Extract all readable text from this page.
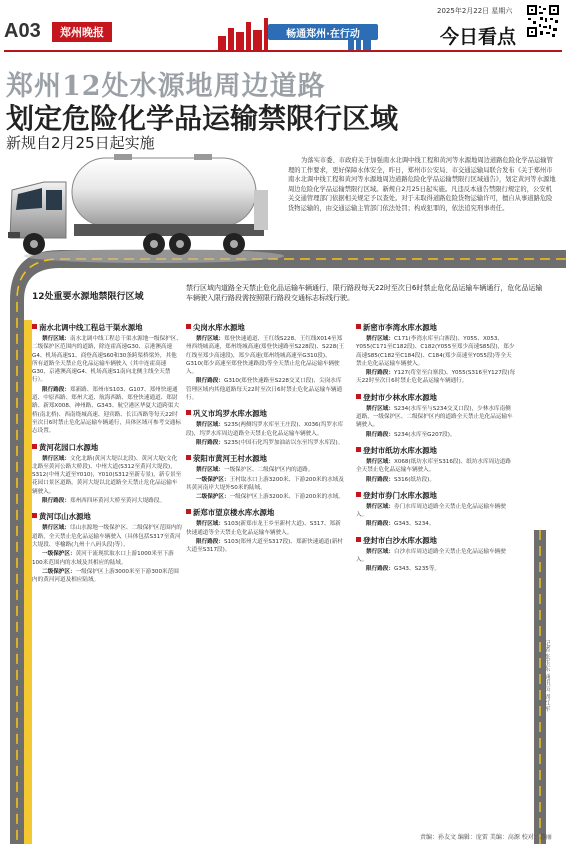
A03	郑州晚报	畅通郑州·在行动
2025年2月22日 星期六
今日看点
郑州12处水源地周边道路
划定危险化学品运输禁限行区域
新规自2月25日起实施
为落实市委、市政府关于加强南水北调中线工程和黄河等水源地周边道路危险化学品运输管理的工作要求，更好保障水体安全，昨日，郑州市公安局、市交通运输局联合发布《关于郑州市南水北调中线工程和黄河等水源地周边道路危险化学品运输禁限行区域通告》，划定黄河等水源地周边危险化学品运输禁限行区域。新规自2月25日起实施。凡违反本通告禁限行规定的，公安机关交通管理部门依据相关规定予以查处。对于未取得道路危险货物运输许可，擅自从事道路危险货物运输的，由交通运输主管部门依法处罚；构成犯罪的，依法追究刑事责任。
12处重要水源地禁限行区域
禁行区域内道路全天禁止危化品运输车辆通行，限行路段每天22时至次日6时禁止危化品运输车辆通行，危化品运输车辆驶入限行路段需按照限行路段交通标志标线行驶。
南水北调中线工程总干渠水源地
禁行区域：南水北调中线工程总干渠水源地一级保护区、二级保护区范围内的道路，除连霍高速G30、京港澳高速G4、机场高速S1、商登高速S60和30条跨渠桥梁外，其他所有道路全天禁止危化品运输车辆驶入（其中连霍高速G30、京港澳高速G4、机场高速S1南向北侧主线全天禁行）。
限行路段：郑新路、郑州市S103、G107、郑州快速通道、中原西路、郑州大道、航海西路、郑登快速通道、郑尉路、新郑X008、神州路、G343、航空港区华夏大道跨渠大桥(南北桥)、西南绕城高速、迎宾路、长江西路等每天22时至次日6时禁止危化品运输车辆通行，具体区域可参考交通标志设置。
黄河花园口水源地
禁行区域：文化北路(黄河大堤以北段)、黄河大堤(文化北路至黄河公路大桥段)、中州大道(S312至黄河大堤段)，S312(中州大道至Y010)，Y010(S312至新专景)，新专景至花园口景区道路，黄河大堤以北道路全天禁止危化品运输车辆驶入。
限行路段：郑州西四环黄河大桥至黄河大堤路段。
黄河邙山水源地
禁行区域：邙山水源地一级保护区、二级保护区范围内的道路，全天禁止危化品运输车辆驶入（具体包括S317至黄河大堤段、枣榆路(九州十八码头段)等）。
一级保护区：黄河干流现状取水口上游1000米至下游100米范围内的水域及其相应的陆域。
二级保护区：一级保护区上游3000米至下游300米范围内的黄河河道及相应陆域。
尖岗水库水源地
禁行区域：郑登快速通道、王红线S228、王红线X014至郑州西绕城高速，郑州绕城高速(郑登快速路至S228段)、S228(王红线至郑少高速段)，郑少高速(郑州绕城高速至G310段)、G310(郑少高速至郑登快速路段)等全天禁止危化品运输车辆驶入。
限行路段：G310(郑登快速路至S228交叉口段)、尖岗水库管理区域内其他道路每天22时至次日6时禁止危化品运输车辆通行。
巩义市坞罗水库水源地
禁行区域：S235(两侧坞罗水库至王庄段)、X036(坞罗水库段)，坞罗水库周边道路全天禁止危化品运输车辆驶入。
限行路段：S235(中国石化坞罗加油站以东至坞罗水库段)。
荥阳市黄河王村水源地
禁行区域：一级保护区、二级保护区内的道路。
一级保护区：王村取水口上游3200米、下游200米的水域及其黄河南岸大堤外50米的陆域。
二级保护区：一级保护区上游3200米、下游200米的水域。
新郑市望京楼水库水源地
禁行区域：S103(新郑市龙王乡至新村大道)、S317、郑新快速通道等全天禁止危化品运输车辆驶入。
限行路段：S103(郑州大道至S317段)、郑新快速通道(新村大道至S317段)。
新密市李湾水库水源地
禁行区域：C171(李湾水库至白寨段)、Y055、X053、Y055(C171至C182段)、C182(Y055至郑少高速S85段)，郑少高速S85(C182至C184段)、C184(郑少高速至Y055段)等全天禁止危化品运输车辆驶入。
限行路段：Y127(苟堂至白寨段)、Y055(S316至Y127段)每天22时至次日6时禁止危化品运输车辆通行。
登封市少林水库水源地
禁行区域：S234(水库至与S234交叉口段)，少林水库南侧道路，一级保护区、二级保护区内的道路全天禁止危化品运输车辆驶入。
限行路段：S234(水库至G207段)。
登封市纸坊水库水源地
禁行区域：X068(纸坊水库至S316段)、纸坊水库周边道路全天禁止危化品运输车辆驶入。
限行路段：S316(纸坊段)。
登封市券门水库水源地
禁行区域：券门水库周边道路全天禁止危化品运输车辆驶入。
限行路段：G343、S234。
登封市白沙水库水源地
禁行区域：白沙水库周边道路全天禁止危化品运输车辆驶入。
限行路段：G343、S235等。
记者 张玉东 通讯员 周红军
责编：孙友文 编辑：庞雷 美编：高源 校对：苏丽
